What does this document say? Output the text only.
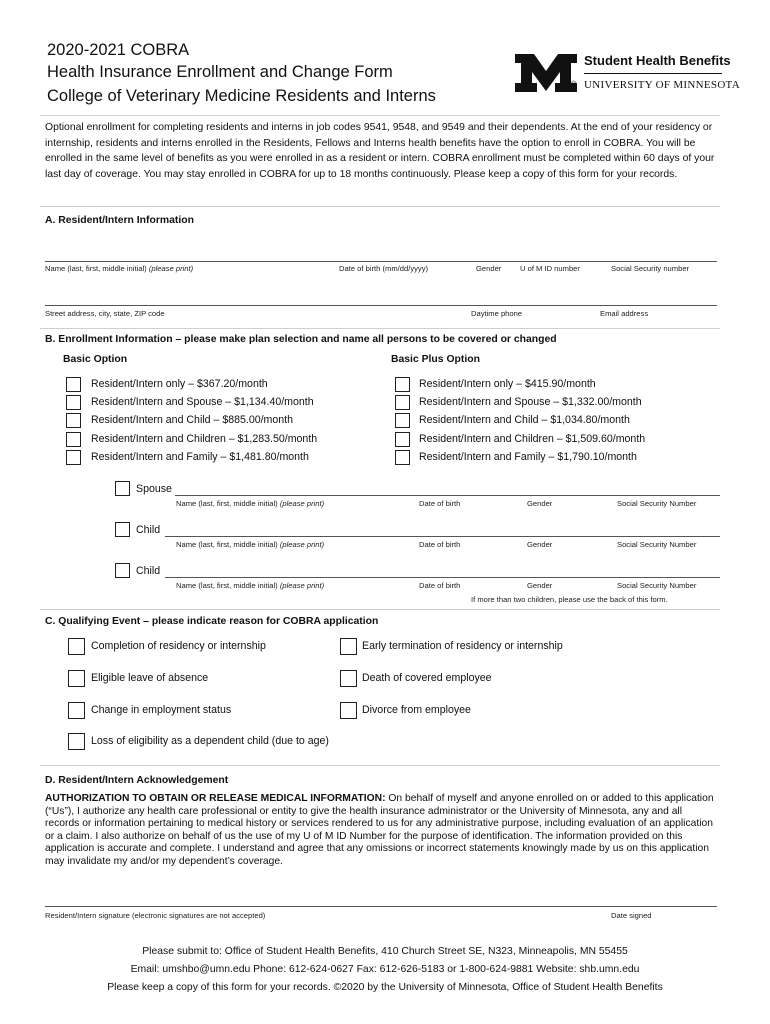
2020-2021 COBRA
Health Insurance Enrollment and Change Form
College of Veterinary Medicine Residents and Interns
Student Health Benefits
UNIVERSITY OF MINNESOTA
®
Optional enrollment for completing residents and interns in job codes 9541, 9548, and 9549 and their dependents. At the end of your residency or internship, residents and interns enrolled in the Residents, Fellows and Interns health benefits have the option to enroll in COBRA. You will be enrolled in the same level of benefits as you were enrolled in as a resident or intern. COBRA enrollment must be completed within 60 days of your last day of coverage. You may stay enrolled in COBRA for up to 18 months continuously. Please keep a copy of this form for your records.
A. Resident/Intern Information
Name (last, first, middle initial) (please print)	Date of birth (mm/dd/yyyy)	Gender U of M ID number	Social Security number
Street address, city, state, ZIP code	Daytime phone	Email address
B. Enrollment Information – please make plan selection and name all persons to be covered or changed
Basic Option	Basic Plus Option
Resident/Intern only – $367.20/month
Resident/Intern and Spouse – $1,134.40/month
Resident/Intern and Child – $885.00/month
Resident/Intern and Children – $1,283.50/month
Resident/Intern and Family – $1,481.80/month
Resident/Intern only – $415.90/month
Resident/Intern and Spouse – $1,332.00/month
Resident/Intern and Child – $1,034.80/month
Resident/Intern and Children – $1,509.60/month
Resident/Intern and Family – $1,790.10/month
Spouse
Name (last, first, middle initial) (please print)	Date of birth	Gender	Social Security Number
Child
Name (last, first, middle initial) (please print)	Date of birth	Gender	Social Security Number
Child
Name (last, first, middle initial) (please print)	Date of birth	Gender	Social Security Number
If more than two children, please use the back of this form.
C. Qualifying Event – please indicate reason for COBRA application
Completion of residency or internship
Eligible leave of absence
Change in employment status
Loss of eligibility as a dependent child (due to age)
Early termination of residency or internship
Death of covered employee
Divorce from employee
D. Resident/Intern Acknowledgement
AUTHORIZATION TO OBTAIN OR RELEASE MEDICAL INFORMATION: On behalf of myself and anyone enrolled on or added to this application (“Us”), I authorize any health care professional or entity to give the health insurance administrator or the University of Minnesota, any and all records or information pertaining to medical history or services rendered to us for any administrative purpose, including evaluation of an application or a claim. I also authorize on behalf of us the use of my U of M ID Number for the purpose of identification. The information provided on this application is accurate and complete. I understand and agree that any omissions or incorrect statements knowingly made by us on this application may invalidate my and/or my dependent’s coverage.
Resident/Intern signature (electronic signatures are not accepted)	Date signed
Please submit to: Office of Student Health Benefits, 410 Church Street SE, N323, Minneapolis, MN 55455
Email: umshbo@umn.edu Phone: 612-624-0627 Fax: 612-626-5183 or 1-800-624-9881 Website: shb.umn.edu
Please keep a copy of this form for your records. ©2020 by the University of Minnesota, Office of Student Health Benefits
